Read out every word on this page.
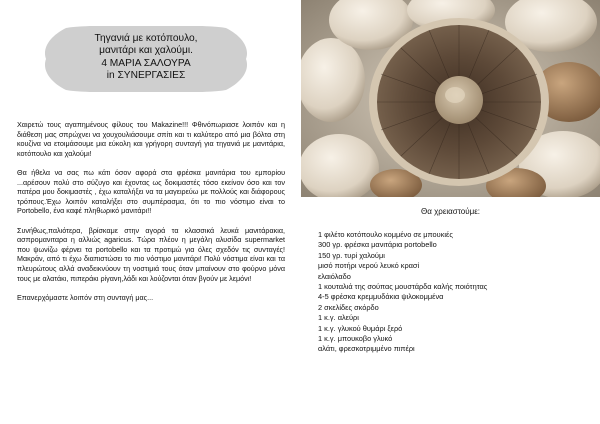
Τηγανιά με κοτόπουλο,
μανιτάρι και χαλούμι.
4 ΜΑΡΙΑ ΣΑΛΟΥΡΑ
in ΣΥΝΕΡΓΑΣΙΕΣ

Χαιρετώ τους αγαπημένους φίλους του Makazine!!! Φθινόπωριασε λοιπόν και η διάθεση μας σπρώχνει να χουχουλιάσουμε σπίτι και τι καλύτερο από μια βόλτα στη κουζίνα να ετοιμάσουμε μια εύκολη και γρήγορη συνταγή για τηγανιά με μανιτάρια, κοτόπουλο και χαλούμι!

Θα ήθελα να σας πω κάτι όσον αφορά στα φρέσκα μανιτάρια του εμπορίου ...αρέσουν πολύ στο σύζυγο και έχοντας ως δοκιμαστές τόσο εκείνον όσο και τον πατέρα μου δοκιμαστές , έχω καταλήξει να τα μαγειρεύω με πολλούς και διάφορους τρόπους.Έχω λοιπόν καταλήξει στο συμπέρασμα, ότι το πιο νόστιμο είναι το Portobello, ένα καφέ πληθωρικό μανιτάρι!!

Συνήθως,παλιότερα, βρίσκαμε στην αγορά τα κλασσικά λευκά μανιτάρακια, ασπρομανιταρα η αλλιώς agaricus. Τώρα πλέον η μεγάλη αλυσίδα supermarket που ψωνίζω φέρνει τα portobello και τα προτιμώ για όλες σχεδόν τις συνταγές! Μακράν, από τι έχω διαπιστώσει το πιο νόστιμο μανιτάρι! Πολύ νόστιμα είναι και τα πλευρώτους αλλά αναδεικνύουν τη νοστιμιά τους όταν μπαίνουν στο φούρνο μόνα τους με αλατάκι, πιπεράκι ρίγανη,λάδι και λούζονται όταν βγούν με λεμόνι!

Επανερχόμαστε λοιπόν στη συνταγή μας...

Θα χρειαστούμε:
1 φιλέτο κοτόπουλο κομμένο σε μπουκιές
300 γρ. φρέσκα μανιτάρια portobello
150 γρ. τυρί χαλούμι
μισό ποτήρι νερού λευκό κρασί
ελαιόλαδο
1 κουταλιά της σούπας μουστάρδα καλής ποιότητας
4-5 φρέσκα κρεμμυδάκια ψιλοκομμένα
2 σκελίδες σκόρδο
1 κ.γ. αλεύρι
1 κ.γ. γλυκού θυμάρι ξερό
1 κ.γ. μπουκοβο γλυκό
αλάτι, φρεσκοτριμμένο πιπέρι
